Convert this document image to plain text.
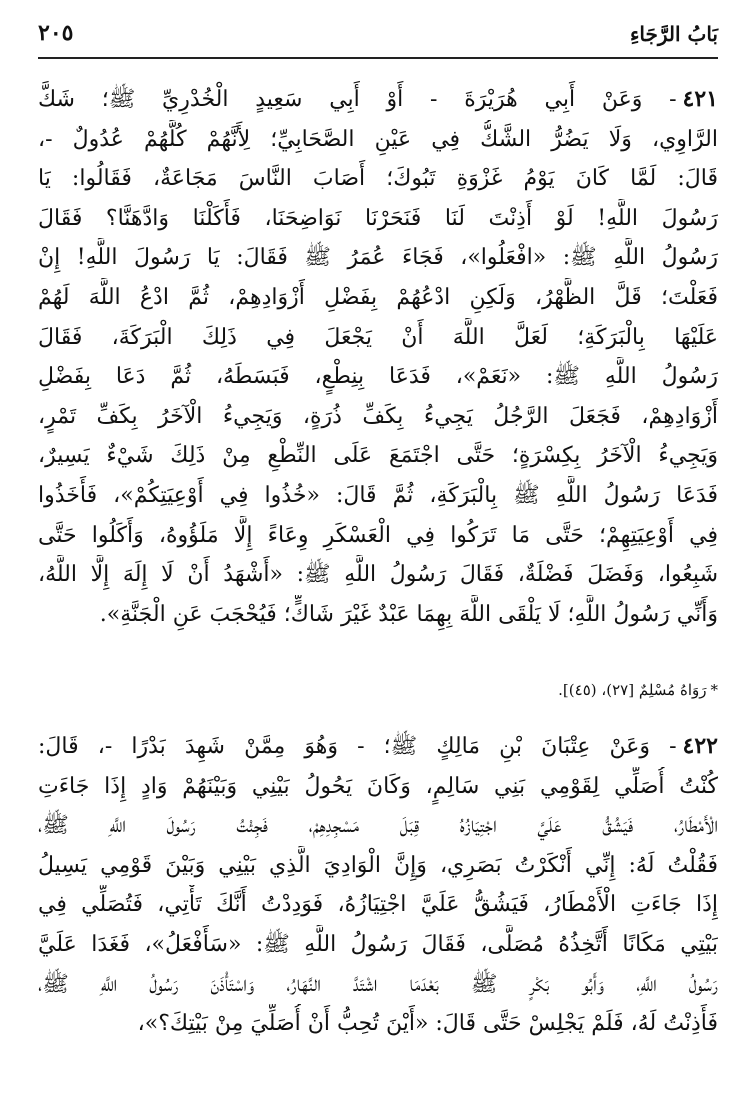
بَابُ الرَّجَاءِ
٢٠٥
٤٢١- وَعَنْ أَبِي هُرَيْرَةَ - أَوْ أَبِي سَعِيدٍ الْخُدْرِيِّ ﷺ؛ شَكَّ
الرَّاوِي، وَلَا يَضُرُّ الشَّكُّ فِي عَيْنِ الصَّحَابِيِّ؛ لِأَنَّهُمْ كُلَّهُمْ عُدُولٌ -،
قَالَ: لَمَّا كَانَ يَوْمُ غَزْوَةِ تَبُوكَ؛ أَصَابَ النَّاسَ مَجَاعَةٌ، فَقَالُوا: يَا
رَسُولَ اللَّهِ! لَوْ أَذِنْتَ لَنَا فَنَحَرْنَا نَوَاضِحَنَا، فَأَكَلْنَا وَادَّهَنَّا؟ فَقَالَ
رَسُولُ اللَّهِ ﷺ: «افْعَلُوا»، فَجَاءَ عُمَرُ ﷺ فَقَالَ: يَا رَسُولَ اللَّهِ! إِنْ
فَعَلْتَ؛ قَلَّ الظَّهْرُ، وَلَكِنِ ادْعُهُمْ بِفَضْلِ أَزْوَادِهِمْ، ثُمَّ ادْعُ اللَّهَ لَهُمْ
عَلَيْهَا بِالْبَرَكَةِ؛ لَعَلَّ اللَّهَ أَنْ يَجْعَلَ فِي ذَلِكَ الْبَرَكَةَ، فَقَالَ
رَسُولُ اللَّهِ ﷺ: «نَعَمْ»، فَدَعَا بِنِطْعٍ، فَبَسَطَهُ، ثُمَّ دَعَا بِفَضْلِ
أَزْوَادِهِمْ، فَجَعَلَ الرَّجُلُ يَجِيءُ بِكَفِّ ذُرَةٍ، وَيَجِيءُ الْآخَرُ بِكَفِّ تَمْرٍ،
وَيَجِيءُ الْآخَرُ بِكِسْرَةٍ؛ حَتَّى اجْتَمَعَ عَلَى النِّطْعِ مِنْ ذَلِكَ شَيْءٌ يَسِيرٌ،
فَدَعَا رَسُولُ اللَّهِ ﷺ بِالْبَرَكَةِ، ثُمَّ قَالَ: «خُذُوا فِي أَوْعِيَتِكُمْ»، فَأَخَذُوا
فِي أَوْعِيَتِهِمْ؛ حَتَّى مَا تَرَكُوا فِي الْعَسْكَرِ وِعَاءً إِلَّا مَلَؤُوهُ، وَأَكَلُوا حَتَّى
شَبِعُوا، وَفَضَلَ فَضْلَةٌ، فَقَالَ رَسُولُ اللَّهِ ﷺ: «أَشْهَدُ أَنْ لَا إِلَهَ إِلَّا اللَّهُ،
وَأَنِّي رَسُولُ اللَّهِ؛ لَا يَلْقَى اللَّهَ بِهِمَا عَبْدٌ غَيْرَ شَاكٍّ؛ فَيُحْجَبَ عَنِ الْجَنَّةِ».
*رَوَاهُ مُسْلِمٌ [٢٧)، (٤٥)].
٤٢٢- وَعَنْ عِتْبَانَ بْنِ مَالِكٍ ﷺ؛ - وَهُوَ مِمَّنْ شَهِدَ بَدْرًا -، قَالَ:
كُنْتُ أُصَلِّي لِقَوْمِي بَنِي سَالِمٍ، وَكَانَ يَحُولُ بَيْنِي وَبَيْنَهُمْ وَادٍ إِذَا جَاءَتِ
الْأَمْطَارُ، فَيَشُقُّ عَلَيَّ اجْتِيَازُهُ قِبَلَ مَسْجِدِهِمْ، فَجِئْتُ رَسُولَ اللَّهِ ﷺ،
فَقُلْتُ لَهُ: إِنِّي أَنْكَرْتُ بَصَرِي، وَإِنَّ الْوَادِيَ الَّذِي بَيْنِي وَبَيْنَ قَوْمِي يَسِيلُ
إِذَا جَاءَتِ الْأَمْطَارُ، فَيَشُقُّ عَلَيَّ اجْتِيَازُهُ، فَوَدِدْتُ أَنَّكَ تَأْتِي، فَتُصَلِّي فِي
بَيْتِي مَكَانًا أَتَّخِذُهُ مُصَلًّى، فَقَالَ رَسُولُ اللَّهِ ﷺ: «سَأَفْعَلُ»، فَغَدَا عَلَيَّ
رَسُولُ اللَّهِ، وَأَبُو بَكْرٍ ﷺ بَعْدَمَا اشْتَدَّ النَّهَارُ، وَاسْتَأْذَنَ رَسُولُ اللَّهِ ﷺ،
فَأَذِنْتُ لَهُ، فَلَمْ يَجْلِسْ حَتَّى قَالَ: «أَيْنَ تُحِبُّ أَنْ أُصَلِّيَ مِنْ بَيْتِكَ؟»،
